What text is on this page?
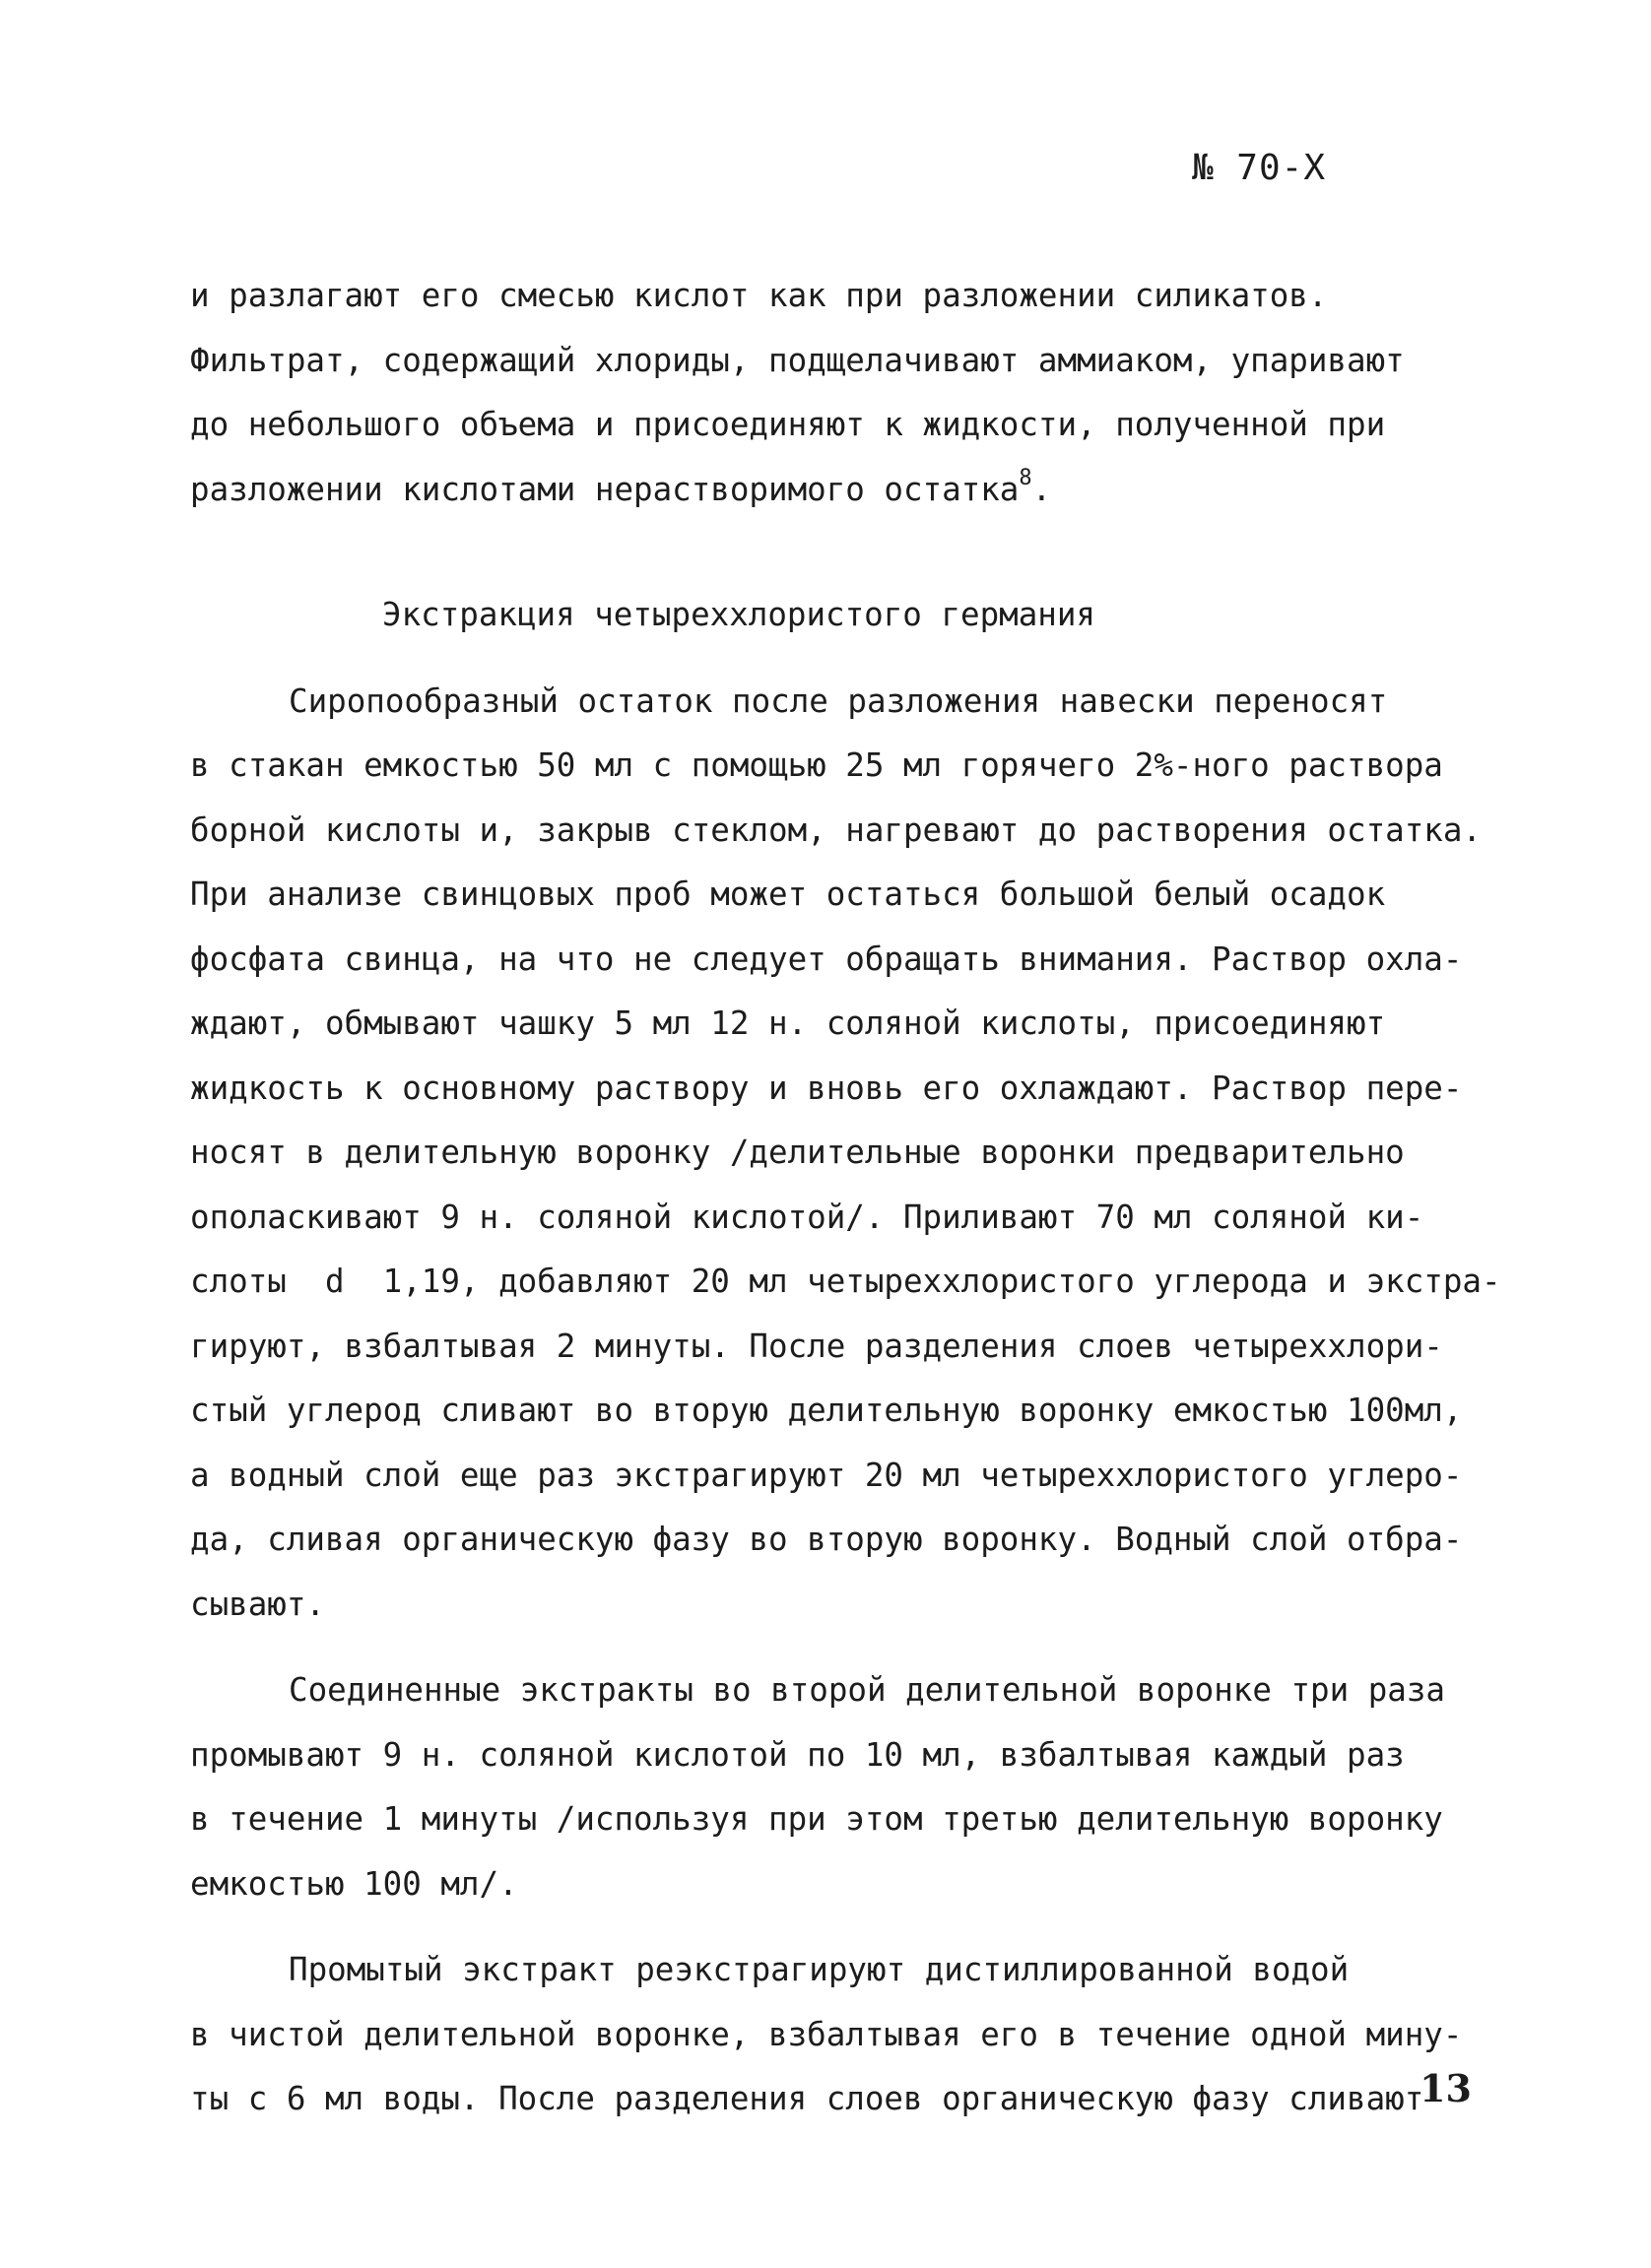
№ 70-Х
и разлагают его смесью кислот как при разложении силикатов.
Фильтрат, содержащий хлориды, подщелачивают аммиаком, упаривают
до небольшого объема и присоединяют к жидкости, полученной при
разложении кислотами нерастворимого остатка$^8$.
Экстракция четыреххлористого германия
Сиропообразный остаток после разложения навески переносят
в стакан емкостью 50 мл с помощью 25 мл горячего 2%-ного раствора
борной кислоты и, закрыв стеклом, нагревают до растворения остатка.
При анализе свинцовых проб может остаться большой белый осадок
фосфата свинца, на что не следует обращать внимания. Раствор охла-
ждают, обмывают чашку 5 мл 12 н. соляной кислоты, присоединяют
жидкость к основному раствору и вновь его охлаждают. Раствор пере-
носят в делительную воронку /делительные воронки предварительно
ополаскивают 9 н. соляной кислотой/. Приливают 70 мл соляной ки-
слоты  d  1,19, добавляют 20 мл четыреххлористого углерода и экстра-
гируют, взбалтывая 2 минуты. После разделения слоев четыреххлори-
стый углерод сливают во вторую делительную воронку емкостью 100мл,
а водный слой еще раз экстрагируют 20 мл четыреххлористого углеро-
да, сливая органическую фазу во вторую воронку. Водный слой отбра-
сывают.
Соединенные экстракты во второй делительной воронке три раза
промывают 9 н. соляной кислотой по 10 мл, взбалтывая каждый раз
в течение 1 минуты /используя при этом третью делительную воронку
емкостью 100 мл/.
Промытый экстракт реэкстрагируют дистиллированной водой
в чистой делительной воронке, взбалтывая его в течение одной мину-
ты с 6 мл воды. После разделения слоев органическую фазу сливают
13
